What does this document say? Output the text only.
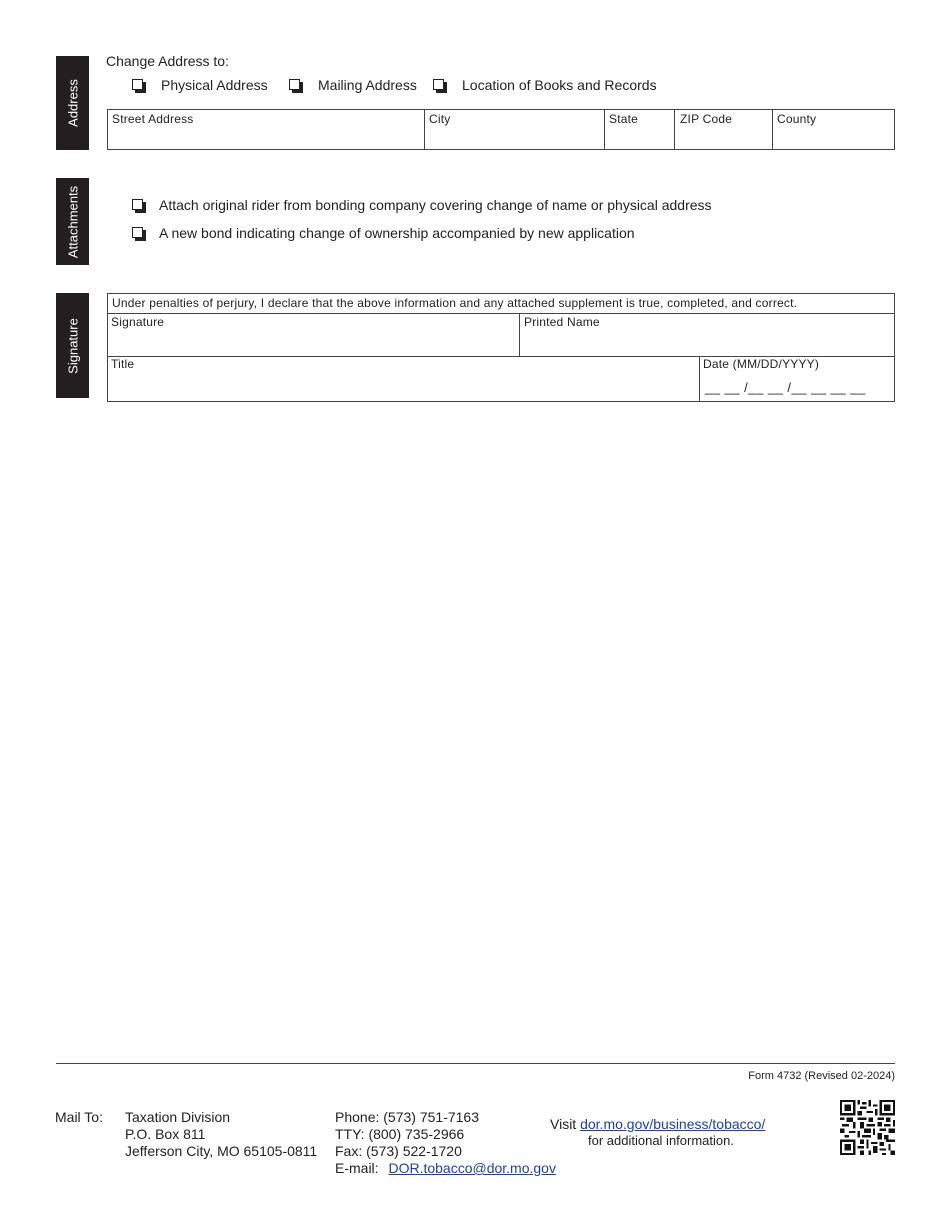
Address
Change Address to:
Physical Address	Mailing Address	Location of Books and Records
Street Address	City	State	ZIP Code	County
Attachments	Attach original rider from bonding company covering change of name or physical address
A new bond indicating change of ownership accompanied by new application
Signature
Under penalties of perjury, I declare that the above information and any attached supplement is true, completed, and correct.
Signature	Printed Name
Title	Date (MM/DD/YYYY)
__ __ /__ __ /__ __ __ __
Form 4732 (Revised 02-2024)
Mail To: Taxation Division
P.O. Box 811
Jefferson City, MO 65105-0811
Phone: (573) 751-7163
TTY: (800) 735-2966
Fax: (573) 522-1720
E-mail: DOR.tobacco@dor.mo.gov
Visit dor.mo.gov/business/tobacco/
for additional information.
